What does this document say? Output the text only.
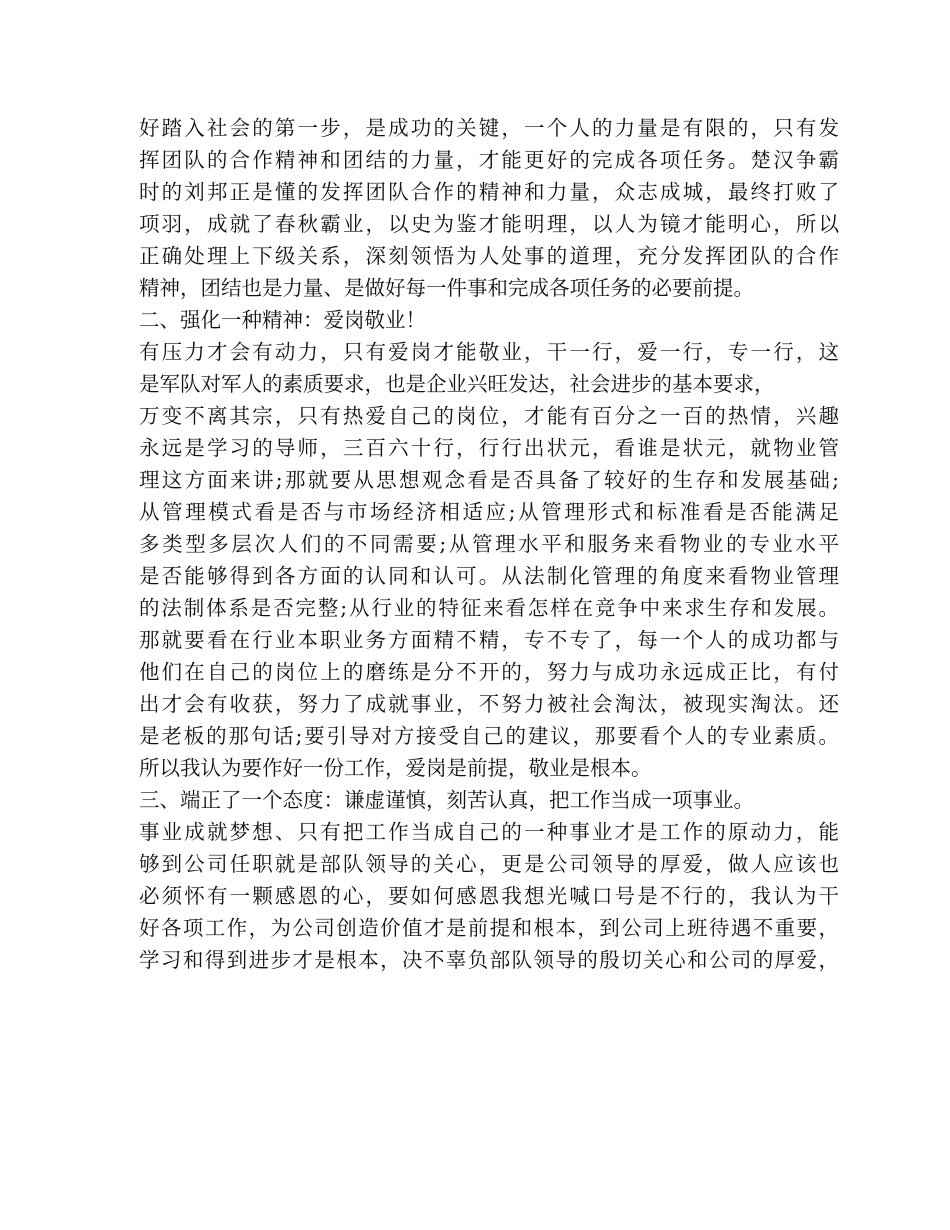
好踏入社会的第一步，是成功的关键，一个人的力量是有限的，只有发
挥团队的合作精神和团结的力量，才能更好的完成各项任务。楚汉争霸
时的刘邦正是懂的发挥团队合作的精神和力量，众志成城，最终打败了
项羽，成就了春秋霸业，以史为鉴才能明理，以人为镜才能明心，所以
正确处理上下级关系，深刻领悟为人处事的道理，充分发挥团队的合作
精神，团结也是力量、是做好每一件事和完成各项任务的必要前提。
二、强化一种精神：爱岗敬业！
有压力才会有动力，只有爱岗才能敬业，干一行，爱一行，专一行，这
是军队对军人的素质要求，也是企业兴旺发达，社会进步的基本要求，
万变不离其宗，只有热爱自己的岗位，才能有百分之一百的热情，兴趣
永远是学习的导师，三百六十行，行行出状元，看谁是状元，就物业管
理这方面来讲;那就要从思想观念看是否具备了较好的生存和发展基础;
从管理模式看是否与市场经济相适应;从管理形式和标准看是否能满足
多类型多层次人们的不同需要;从管理水平和服务来看物业的专业水平
是否能够得到各方面的认同和认可。从法制化管理的角度来看物业管理
的法制体系是否完整;从行业的特征来看怎样在竞争中来求生存和发展。
那就要看在行业本职业务方面精不精，专不专了，每一个人的成功都与
他们在自己的岗位上的磨练是分不开的，努力与成功永远成正比，有付
出才会有收获，努力了成就事业，不努力被社会淘汰，被现实淘汰。还
是老板的那句话;要引导对方接受自己的建议，那要看个人的专业素质。
所以我认为要作好一份工作，爱岗是前提，敬业是根本。
三、端正了一个态度：谦虚谨慎，刻苦认真，把工作当成一项事业。
事业成就梦想、只有把工作当成自己的一种事业才是工作的原动力，能
够到公司任职就是部队领导的关心，更是公司领导的厚爱，做人应该也
必须怀有一颗感恩的心，要如何感恩我想光喊口号是不行的，我认为干
好各项工作，为公司创造价值才是前提和根本，到公司上班待遇不重要，
学习和得到进步才是根本，决不辜负部队领导的殷切关心和公司的厚爱，
